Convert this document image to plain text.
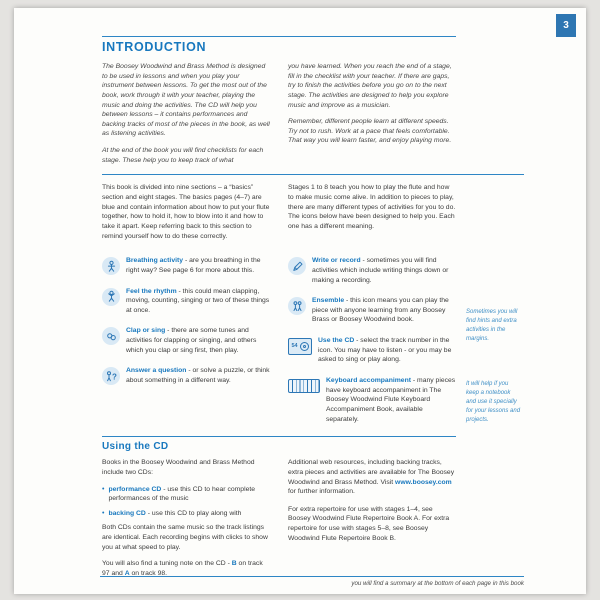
3
INTRODUCTION

The Boosey Woodwind and Brass Method is designed to be used in lessons and when you play your instrument between lessons. To get the most out of the book, work through it with your teacher, playing the music and doing the activities. The CD will help you between lessons – it contains performances and backing tracks of most of the pieces in the book, as well as listening activities.

At the end of the book you will find checklists for each stage. These help you to keep track of what

you have learned. When you reach the end of a stage, fill in the checklist with your teacher. If there are gaps, try to finish the activities before you go on to the next stage. The activities are designed to help you explore music and improve as a musician.

Remember, different people learn at different speeds. Try not to rush. Work at a pace that feels comfortable. That way you will learn faster, and enjoy playing more.

This book is divided into nine sections – a “basics” section and eight stages. The basics pages (4–7) are blue and contain information about how to put your flute together, how to hold it, how to blow into it and how to take it apart. Keep referring back to this section to remind yourself how to do these correctly.

Stages 1 to 8 teach you how to play the flute and how to make music come alive. In addition to pieces to play, there are many different types of activities for you to do. The icons below have been designed to help you. Each one has a different meaning.

Breathing activity - are you breathing in the right way? See page 6 for more about this.

Feel the rhythm - this could mean clapping, moving, counting, singing or two of these things at once.

Clap or sing - there are some tunes and activities for clapping or singing, and others which you clap or sing first, then play.

?

Answer a question - or solve a puzzle, or think about something in a different way.

Write or record - sometimes you will find activities which include writing things down or making a recording.

Ensemble - this icon means you can play the piece with anyone learning from any Boosey Brass or Boosey Woodwind book.

54

Use the CD - select the track number in the icon. You may have to listen - or you may be asked to sing or play along.

Keyboard accompaniment - many pieces have keyboard accompaniment in The Boosey Woodwind Flute Keyboard Accompaniment Book, available separately.

Using the CD

Books in the Boosey Woodwind and Brass Method include two CDs:

• performance CD - use this CD to hear complete performances of the music

• backing CD - use this CD to play along with

Both CDs contain the same music so the track listings are identical. Each recording begins with clicks to show you at what speed to play.

You will also find a tuning note on the CD - B on track 97 and A on track 98.

Additional web resources, including backing tracks, extra pieces and activities are available for The Boosey Woodwind and Brass Method. Visit www.boosey.com for further information.

For extra repertoire for use with stages 1–4, see Boosey Woodwind Flute Repertoire Book A. For extra repertoire for use with stages 5–8, see Boosey Woodwind Flute Repertoire Book B.

Sometimes you will find hints and extra activities in the margins.

It will help if you keep a notebook and use it specially for your lessons and projects.

you will find a summary at the bottom of each page in this book
